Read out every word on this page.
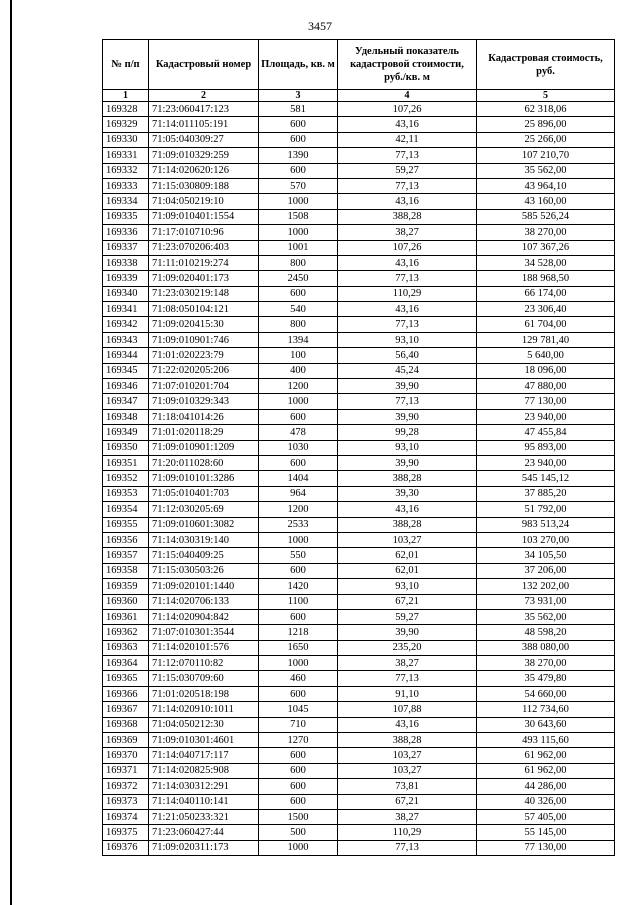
3457
№ п/п	Кадастровый номер	Площадь, кв. м	Удельный показатель кадастровой стоимости, руб./кв. м	Кадастровая стоимость, руб.
1	2	3	4	5
169328	71:23:060417:123	581	107,26	62 318,06
169329	71:14:011105:191	600	43,16	25 896,00
169330	71:05:040309:27	600	42,11	25 266,00
169331	71:09:010329:259	1390	77,13	107 210,70
169332	71:14:020620:126	600	59,27	35 562,00
169333	71:15:030809:188	570	77,13	43 964,10
169334	71:04:050219:10	1000	43,16	43 160,00
169335	71:09:010401:1554	1508	388,28	585 526,24
169336	71:17:010710:96	1000	38,27	38 270,00
169337	71:23:070206:403	1001	107,26	107 367,26
169338	71:11:010219:274	800	43,16	34 528,00
169339	71:09:020401:173	2450	77,13	188 968,50
169340	71:23:030219:148	600	110,29	66 174,00
169341	71:08:050104:121	540	43,16	23 306,40
169342	71:09:020415:30	800	77,13	61 704,00
169343	71:09:010901:746	1394	93,10	129 781,40
169344	71:01:020223:79	100	56,40	5 640,00
169345	71:22:020205:206	400	45,24	18 096,00
169346	71:07:010201:704	1200	39,90	47 880,00
169347	71:09:010329:343	1000	77,13	77 130,00
169348	71:18:041014:26	600	39,90	23 940,00
169349	71:01:020118:29	478	99,28	47 455,84
169350	71:09:010901:1209	1030	93,10	95 893,00
169351	71:20:011028:60	600	39,90	23 940,00
169352	71:09:010101:3286	1404	388,28	545 145,12
169353	71:05:010401:703	964	39,30	37 885,20
169354	71:12:030205:69	1200	43,16	51 792,00
169355	71:09:010601:3082	2533	388,28	983 513,24
169356	71:14:030319:140	1000	103,27	103 270,00
169357	71:15:040409:25	550	62,01	34 105,50
169358	71:15:030503:26	600	62,01	37 206,00
169359	71:09:020101:1440	1420	93,10	132 202,00
169360	71:14:020706:133	1100	67,21	73 931,00
169361	71:14:020904:842	600	59,27	35 562,00
169362	71:07:010301:3544	1218	39,90	48 598,20
169363	71:14:020101:576	1650	235,20	388 080,00
169364	71:12:070110:82	1000	38,27	38 270,00
169365	71:15:030709:60	460	77,13	35 479,80
169366	71:01:020518:198	600	91,10	54 660,00
169367	71:14:020910:1011	1045	107,88	112 734,60
169368	71:04:050212:30	710	43,16	30 643,60
169369	71:09:010301:4601	1270	388,28	493 115,60
169370	71:14:040717:117	600	103,27	61 962,00
169371	71:14:020825:908	600	103,27	61 962,00
169372	71:14:030312:291	600	73,81	44 286,00
169373	71:14:040110:141	600	67,21	40 326,00
169374	71:21:050233:321	1500	38,27	57 405,00
169375	71:23:060427:44	500	110,29	55 145,00
169376	71:09:020311:173	1000	77,13	77 130,00
